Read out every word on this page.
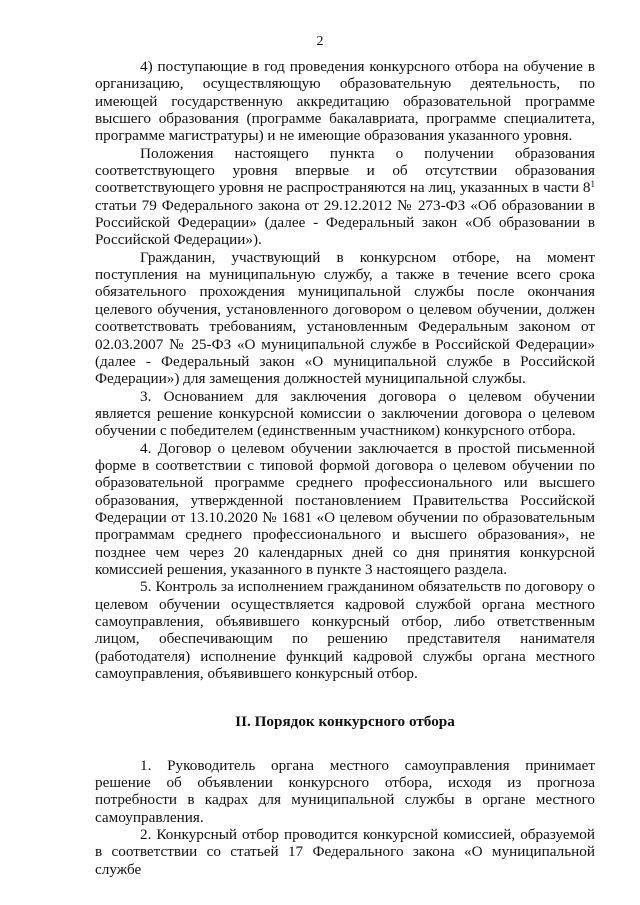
2

4) поступающие в год проведения конкурсного отбора на обучение в организацию, осуществляющую образовательную деятельность, по имеющей государственную аккредитацию образовательной программе высшего образования (программе бакалавриата, программе специалитета, программе магистратуры) и не имеющие образования указанного уровня.

Положения настоящего пункта о получении образования соответствующего уровня впервые и об отсутствии образования соответствующего уровня не распространяются на лиц, указанных в части $8^1$ статьи 79 Федерального закона от 29.12.2012 № 273-ФЗ «Об образовании в Российской Федерации» (далее - Федеральный закон «Об образовании в Российской Федерации»).

Гражданин, участвующий в конкурсном отборе, на момент поступления на муниципальную службу, а также в течение всего срока обязательного прохождения муниципальной службы после окончания целевого обучения, установленного договором о целевом обучении, должен соответствовать требованиям, установленным Федеральным законом от 02.03.2007 № 25-ФЗ «О муниципальной службе в Российской Федерации» (далее - Федеральный закон «О муниципальной службе в Российской Федерации») для замещения должностей муниципальной службы.

3. Основанием для заключения договора о целевом обучении является решение конкурсной комиссии о заключении договора о целевом обучении с победителем (единственным участником) конкурсного отбора.

4. Договор о целевом обучении заключается в простой письменной форме в соответствии с типовой формой договора о целевом обучении по образовательной программе среднего профессионального или высшего образования, утвержденной постановлением Правительства Российской Федерации от 13.10.2020 № 1681 «О целевом обучении по образовательным программам среднего профессионального и высшего образования», не позднее чем через 20 календарных дней со дня принятия конкурсной комиссией решения, указанного в пункте 3 настоящего раздела.

5. Контроль за исполнением гражданином обязательств по договору о целевом обучении осуществляется кадровой службой органа местного самоуправления, объявившего конкурсный отбор, либо ответственным лицом, обеспечивающим по решению представителя нанимателя (работодателя) исполнение функций кадровой службы органа местного самоуправления, объявившего конкурсный отбор.

II. Порядок конкурсного отбора

1. Руководитель органа местного самоуправления принимает решение об объявлении конкурсного отбора, исходя из прогноза потребности в кадрах для муниципальной службы в органе местного самоуправления.

2. Конкурсный отбор проводится конкурсной комиссией, образуемой в соответствии со статьей 17 Федерального закона «О муниципальной службе
